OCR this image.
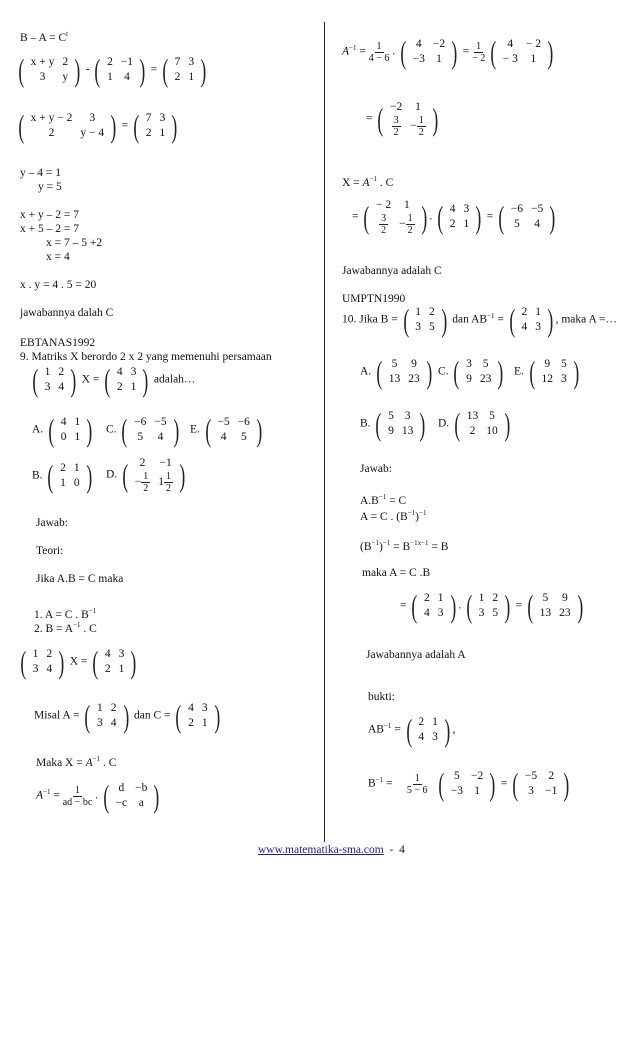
$B - A = C^t$
( x + y	2
3	y ) - ( 2	−1
1	4 ) = ( 7	3
2	1 )
( x + y − 2	3
2	y − 4 ) = ( 7	3
2	1 )
y – 4 = 1
y = 5
x + y – 2 = 7
x + 5 – 2 = 7
x = 7 – 5 +2
x = 4
x . y = 4 . 5 = 20
jawabannya dalah C
EBTANAS1992
9. Matriks X berordo 2 x 2 yang memenuhi persamaan
( 1	2
3	4 ) X = ( 4	3
2	1 ) adalah…
A. ( 4	1
0	1 ) C. ( −6	−5
5	4 ) E. ( −5	−6
4	5 )
B. ( 2	1
1	0 ) D. ( 2	−1
− $\frac{1}{2}$	$1 \frac{1}{2}$ )
Jawab:
Teori:
Jika A.B = C maka
1. A = C . $B^{-1}$
2. $B = A^{-1}$ . C
( 1	2
3	4 ) X = ( 4	3
2	1 )
Misal A = ( 1	2
3	4 ) dan C = ( 4	3
2	1 )
Maka $X = A^{-1}$ . C
$A^{-1} = \frac{1}{ad - bc}$ . ( d	−b
−c	a )
$A^{-1} = \frac{1}{4 - 6}$ . ( 4	−2
−3	1 ) = $\frac{1}{- 2}$
( 4	− 2
− 3	1 )
= ( −2	1

$\frac{3}{2}$	− $\frac{1}{2}$ )
$X = A^{-1}$ . C
= ( − 2	1

$\frac{3}{2}$	− $\frac{1}{2}$ ) . ( 4	3
2	1 ) = ( −6	−5
5	4 )
Jawabannya adalah C
UMPTN1990
10. Jika B = ( 1	2
3	5 ) dan $AB^{-1}$ = ( 2	1
4	3 ) , maka A =…
A. ( 5	9
13	23 ) C. ( 3	5
9	23 ) E. ( 9	5
12	3 )
B. ( 5	3
9	13 ) D. ( 13	5
2	10 )
Jawab:
$A.B^{-1} = C$
A = C . $(B^{-1})^{-1}$
$(B^{-1})^{-1} = B^{-1x-1} = B$
maka A = C .B
= ( 2	1
4	3 ) . ( 1	2
3	5 ) = ( 5	9
13	23 )
Jawabannya adalah A
bukti:
$AB^{-1}$ = ( 2	1
4	3 ) ,
$B^{-1} = \frac{1}{5 - 6}$
( 5	−2
−3	1 ) = ( −5	2
3	−1 )
www.matematika-sma.com - 4
